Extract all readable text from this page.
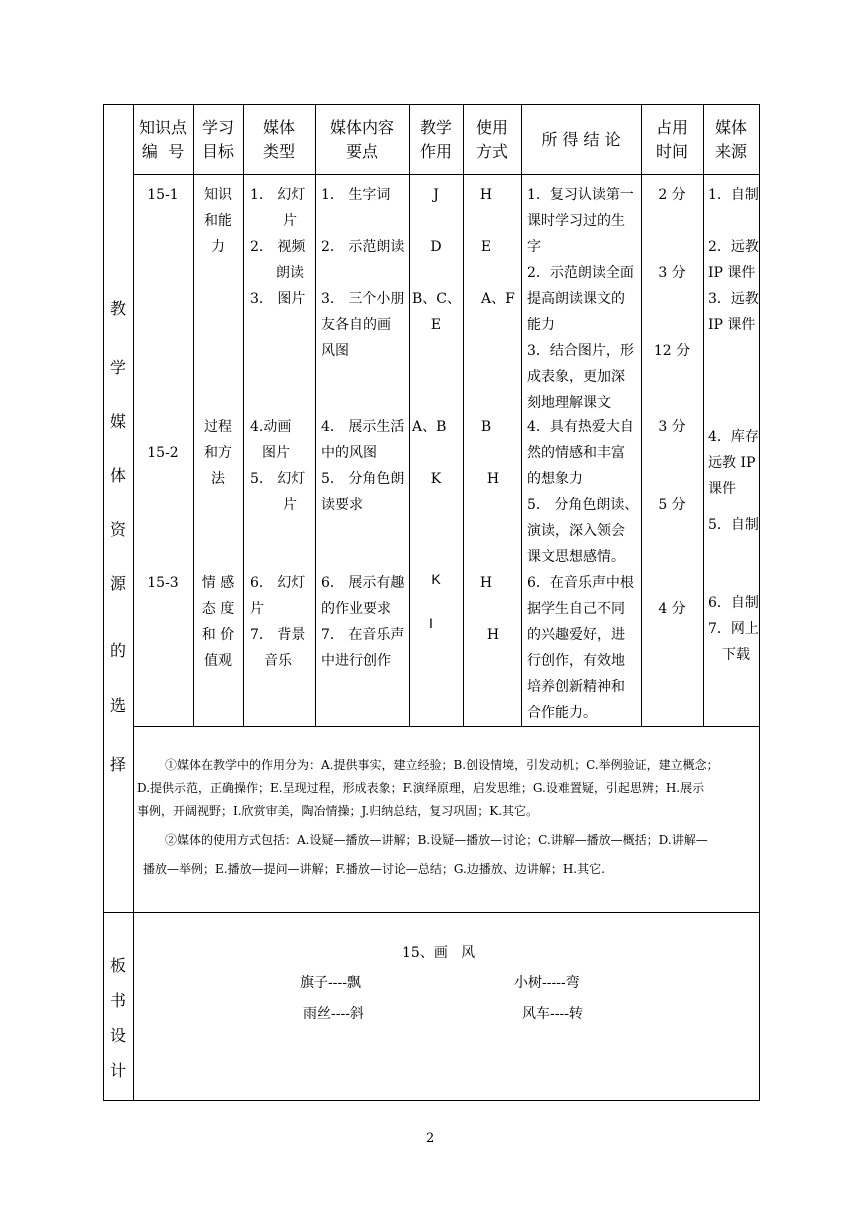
知识点
编  号
学习
目标
媒体
类型
媒体内容
要点
教学
作用
使用
方式
所 得 结 论
占用
时间
媒体
来源
教
学
媒
体
资
源
的
选
择
板
书
设
计
15-1
15-2
15-3
知识
和能
力
过程
和方
法
情 感
态 度
和 价
值观
1． 幻灯
片
2． 视频
朗读
3． 图片
4.动画
图片
5． 幻灯
片
6． 幻灯
片
7． 背景
音乐
1． 生字词
2． 示范朗读
3． 三个小朋
友各自的画
风图
4． 展示生活
中的风图
5． 分角色朗
读要求
6． 展示有趣
的作业要求
7． 在音乐声
中进行创作
J
D
B、C、
E
A、B
K
K
I
H
E
A、F
B
H
H
H
1．复习认读第一
课时学习过的生
字
2．示范朗读全面
提高朗读课文的
能力
3．结合图片，形
成表象，更加深
刻地理解课文
4．具有热爱大自
然的情感和丰富
的想象力
5． 分角色朗读、
演读，深入领会
课文思想感情。
6．在音乐声中根
据学生自己不同
的兴趣爱好，进
行创作，有效地
培养创新精神和
合作能力。
2 分
3 分
12 分
3 分
5 分
4 分
1．自制
2．远教
IP 课件
3．远教
IP 课件
4．库存
远教 IP
课件
5．自制
6．自制
7．网上
下载

①媒体在教学中的作用分为：A.提供事实，建立经验；B.创设情境，引发动机；C.举例验证，建立概念；

D.提供示范，正确操作；E.呈现过程，形成表象；F.演绎原理，启发思维；G.设难置疑，引起思辨；H.展示

事例，开阔视野；I.欣赏审美，陶冶情操；J.归纳总结，复习巩固；K.其它。

②媒体的使用方式包括：A.设疑—播放—讲解；B.设疑—播放—讨论；C.讲解—播放—概括；D.讲解—

播放—举例；E.播放—提问—讲解；F.播放—讨论—总结；G.边播放、边讲解；H.其它.

15、画   风
旗子----飘	小树-----弯
雨丝----斜	风车----转
2
